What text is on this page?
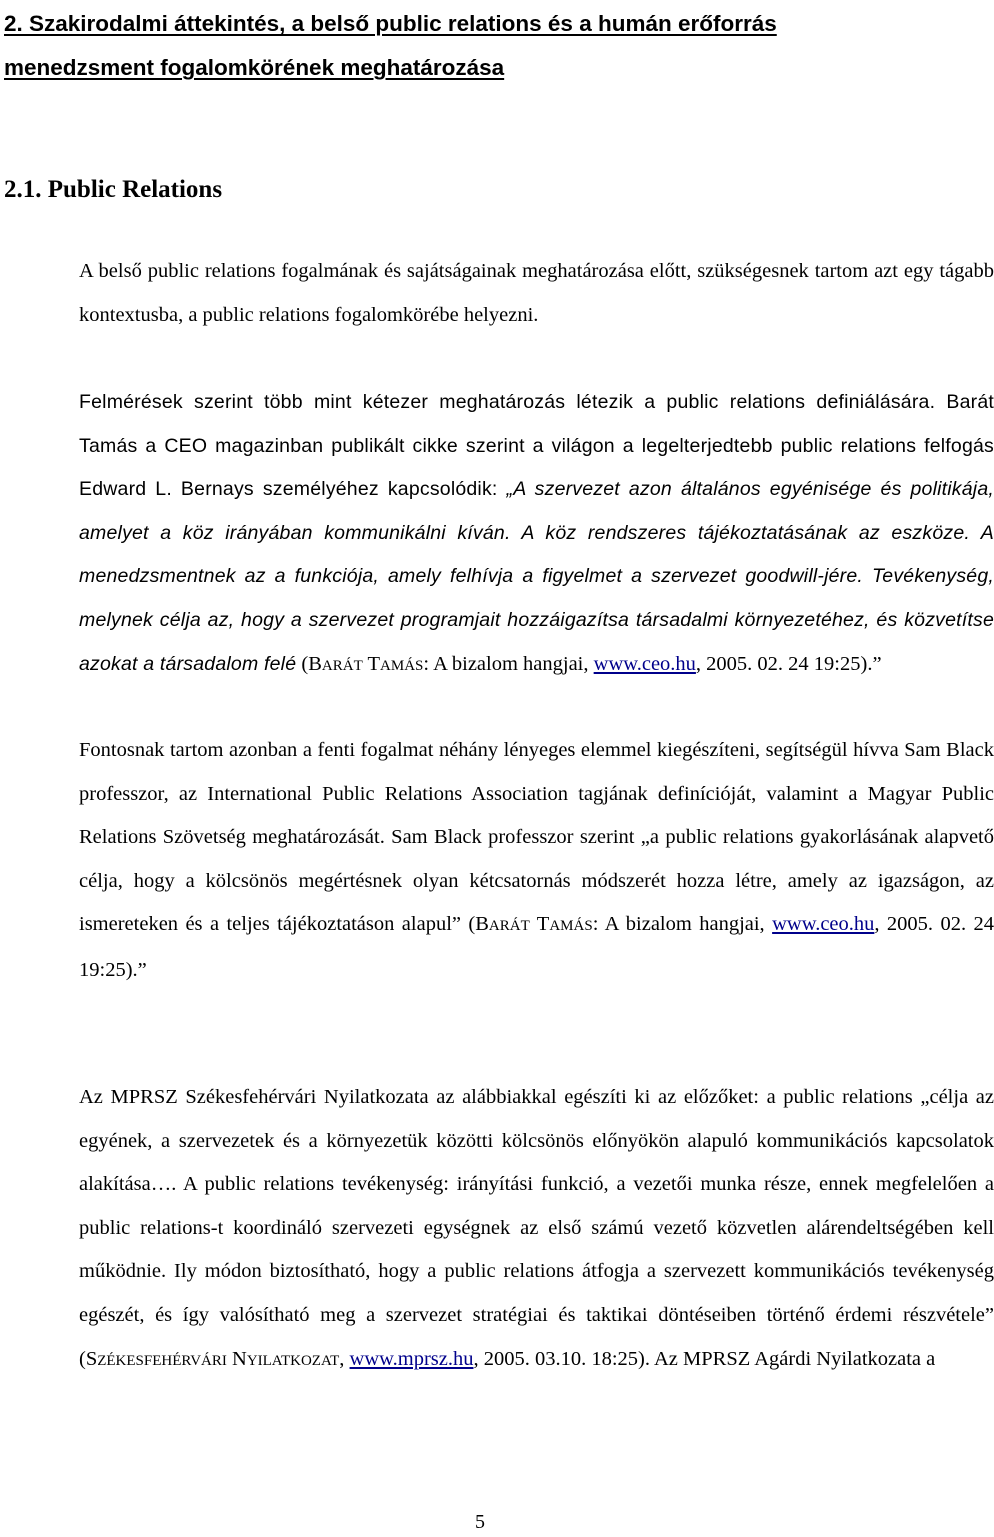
2. Szakirodalmi áttekintés, a belső public relations és a humán erőforrás
menedzsment fogalomkörének meghatározása
2.1. Public Relations

A belső public relations fogalmának és sajátságainak meghatározása előtt, szükségesnek tartom azt egy tágabb kontextusba, a public relations fogalomkörébe helyezni.

Felmérések szerint több mint kétezer meghatározás létezik a public relations definiálására. Barát Tamás a CEO magazinban publikált cikke szerint a világon a legelterjedtebb public relations felfogás Edward L. Bernays személyéhez kapcsolódik: „A szervezet azon általános egyénisége és politikája, amelyet a köz irányában kommunikálni kíván. A köz rendszeres tájékoztatásának az eszköze. A menedzsmentnek az a funkciója, amely felhívja a figyelmet a szervezet goodwill-jére. Tevékenység, melynek célja az, hogy a szervezet programjait hozzáigazítsa társadalmi környezetéhez, és közvetítse azokat a társadalom felé (BARÁT TAMÁS: A bizalom hangjai, www.ceo.hu, 2005. 02. 24 19:25).”

Fontosnak tartom azonban a fenti fogalmat néhány lényeges elemmel kiegészíteni, segítségül hívva Sam Black professzor, az International Public Relations Association tagjának definícióját, valamint a Magyar Public Relations Szövetség meghatározását. Sam Black professzor szerint „a public relations gyakorlásának alapvető célja, hogy a kölcsönös megértésnek olyan kétcsatornás módszerét hozza létre, amely az igazságon, az ismereteken és a teljes tájékoztatáson alapul” (BARÁT TAMÁS: A bizalom hangjai, www.ceo.hu, 2005. 02. 24 19:25).”

Az MPRSZ Székesfehérvári Nyilatkozata az alábbiakkal egészíti ki az előzőket: a public relations „célja az egyének, a szervezetek és a környezetük közötti kölcsönös előnyökön alapuló kommunikációs kapcsolatok alakítása…. A public relations tevékenység: irányítási funkció, a vezetői munka része, ennek megfelelően a public relations-t koordináló szervezeti egységnek az első számú vezető közvetlen alárendeltségében kell működnie. Ily módon biztosítható, hogy a public relations átfogja a szervezett kommunikációs tevékenység egészét, és így valósítható meg a szervezet stratégiai és taktikai döntéseiben történő érdemi részvétele” (SZÉKESFEHÉRVÁRI NYILATKOZAT, www.mprsz.hu, 2005. 03.10. 18:25). Az MPRSZ Agárdi Nyilatkozata a

5
